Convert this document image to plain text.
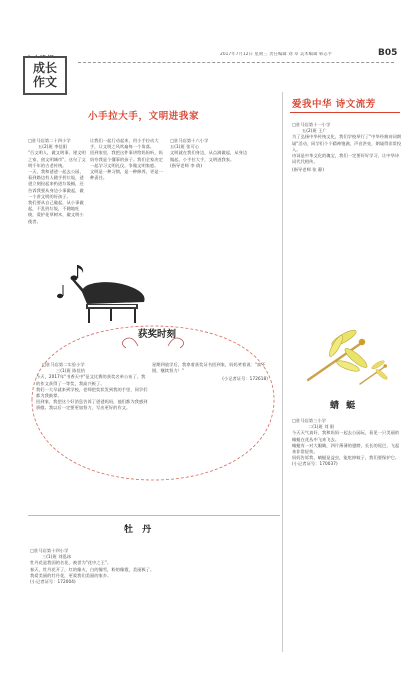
成长
作文
2017年7月12日 星期三 责任编辑 刘 卓 美术编辑 韩志平	B05
小手拉大手，文明进我家
□驻马店第二十四小学
五(2)班 李佳阳
"百文明人，做文明事，建文明之家，创文明城市"，这句了文明千年的古老传统。
一天，我和爸爸一起去公园，看到路边有人随手扔垃圾，爸爸立刻捡起来扔进垃圾桶，还告诉我要从身边小事做起，做一个讲文明的好孩子。
我们要从自己做起，从小事做起，不乱扔垃圾，不随地吐痰，爱护花草树木，做文明小使者。
让我们一起行动起来，用小手拉动大手，让文明之风吹遍每一个角落。
回到家里，我把这件事讲给妈妈听，妈妈夸我是个懂事的孩子。我们全家决定一起学习文明礼仪，争做文明家庭。
文明是一种习惯，是一种修养，更是一种责任。
□驻马店第十六小学
五(1)班 张可心
文明就在我们身边，从点滴做起，从身边做起，小手拉大手，文明进我家。
(指导老师 李 倩)
获奖时刻
□驻马店第二实验小学
三(1)班 陈佳怡
今天，2017年"书香天中"征文比赛的获奖名单公布了，我的作文获得了一等奖，我高兴极了。
我们一大早就来到学校，老师把奖状发到我的手里，同学们都为我鼓掌。
回到家，我把这个好消息告诉了爸爸妈妈，他们都为我感到骄傲。我以后一定要更加努力，写出更好的作文。
星期四放学后，我拿着获奖证书回到家，妈妈笑着说："真不错，继续努力！"
(小记者证号：172618)
牡 丹
□驻马店第十四小学
三(1)班 刘泓冰
牡丹花是我国的名花，被誉为"花中之王"。
春天，牡丹花开了，红的像火，白的像雪，粉的像霞，美丽极了。
我爱美丽的牡丹花，更爱我们美丽的家乡。
(小记者证号：172004)
爱我中华 诗文流芳
□驻马店第十一小学
五(2)班 王广
为了弘扬中华传统文化，我们学校举行了"中华经典诗词朗诵"活动，同学们个个精神饱满，声音洪亮，朗诵得非常投入。
诗词是中华文化的瑰宝，我们一定要好好学习，让中华诗词代代相传。
(指导老师 张 静)
蜻 蜓
□驻马店第三小学
二(1)班 刘 阳
今天天气真好，我和妈妈一起去公园玩，看见一只美丽的蜻蜓在花丛中飞来飞去。
蜻蜓有一对大眼睛，四片薄薄的翅膀，长长的尾巴，飞起来非常轻快。
妈妈告诉我，蜻蜓是益虫，能吃掉蚊子，我们要保护它。
(小记者证号：170037)
